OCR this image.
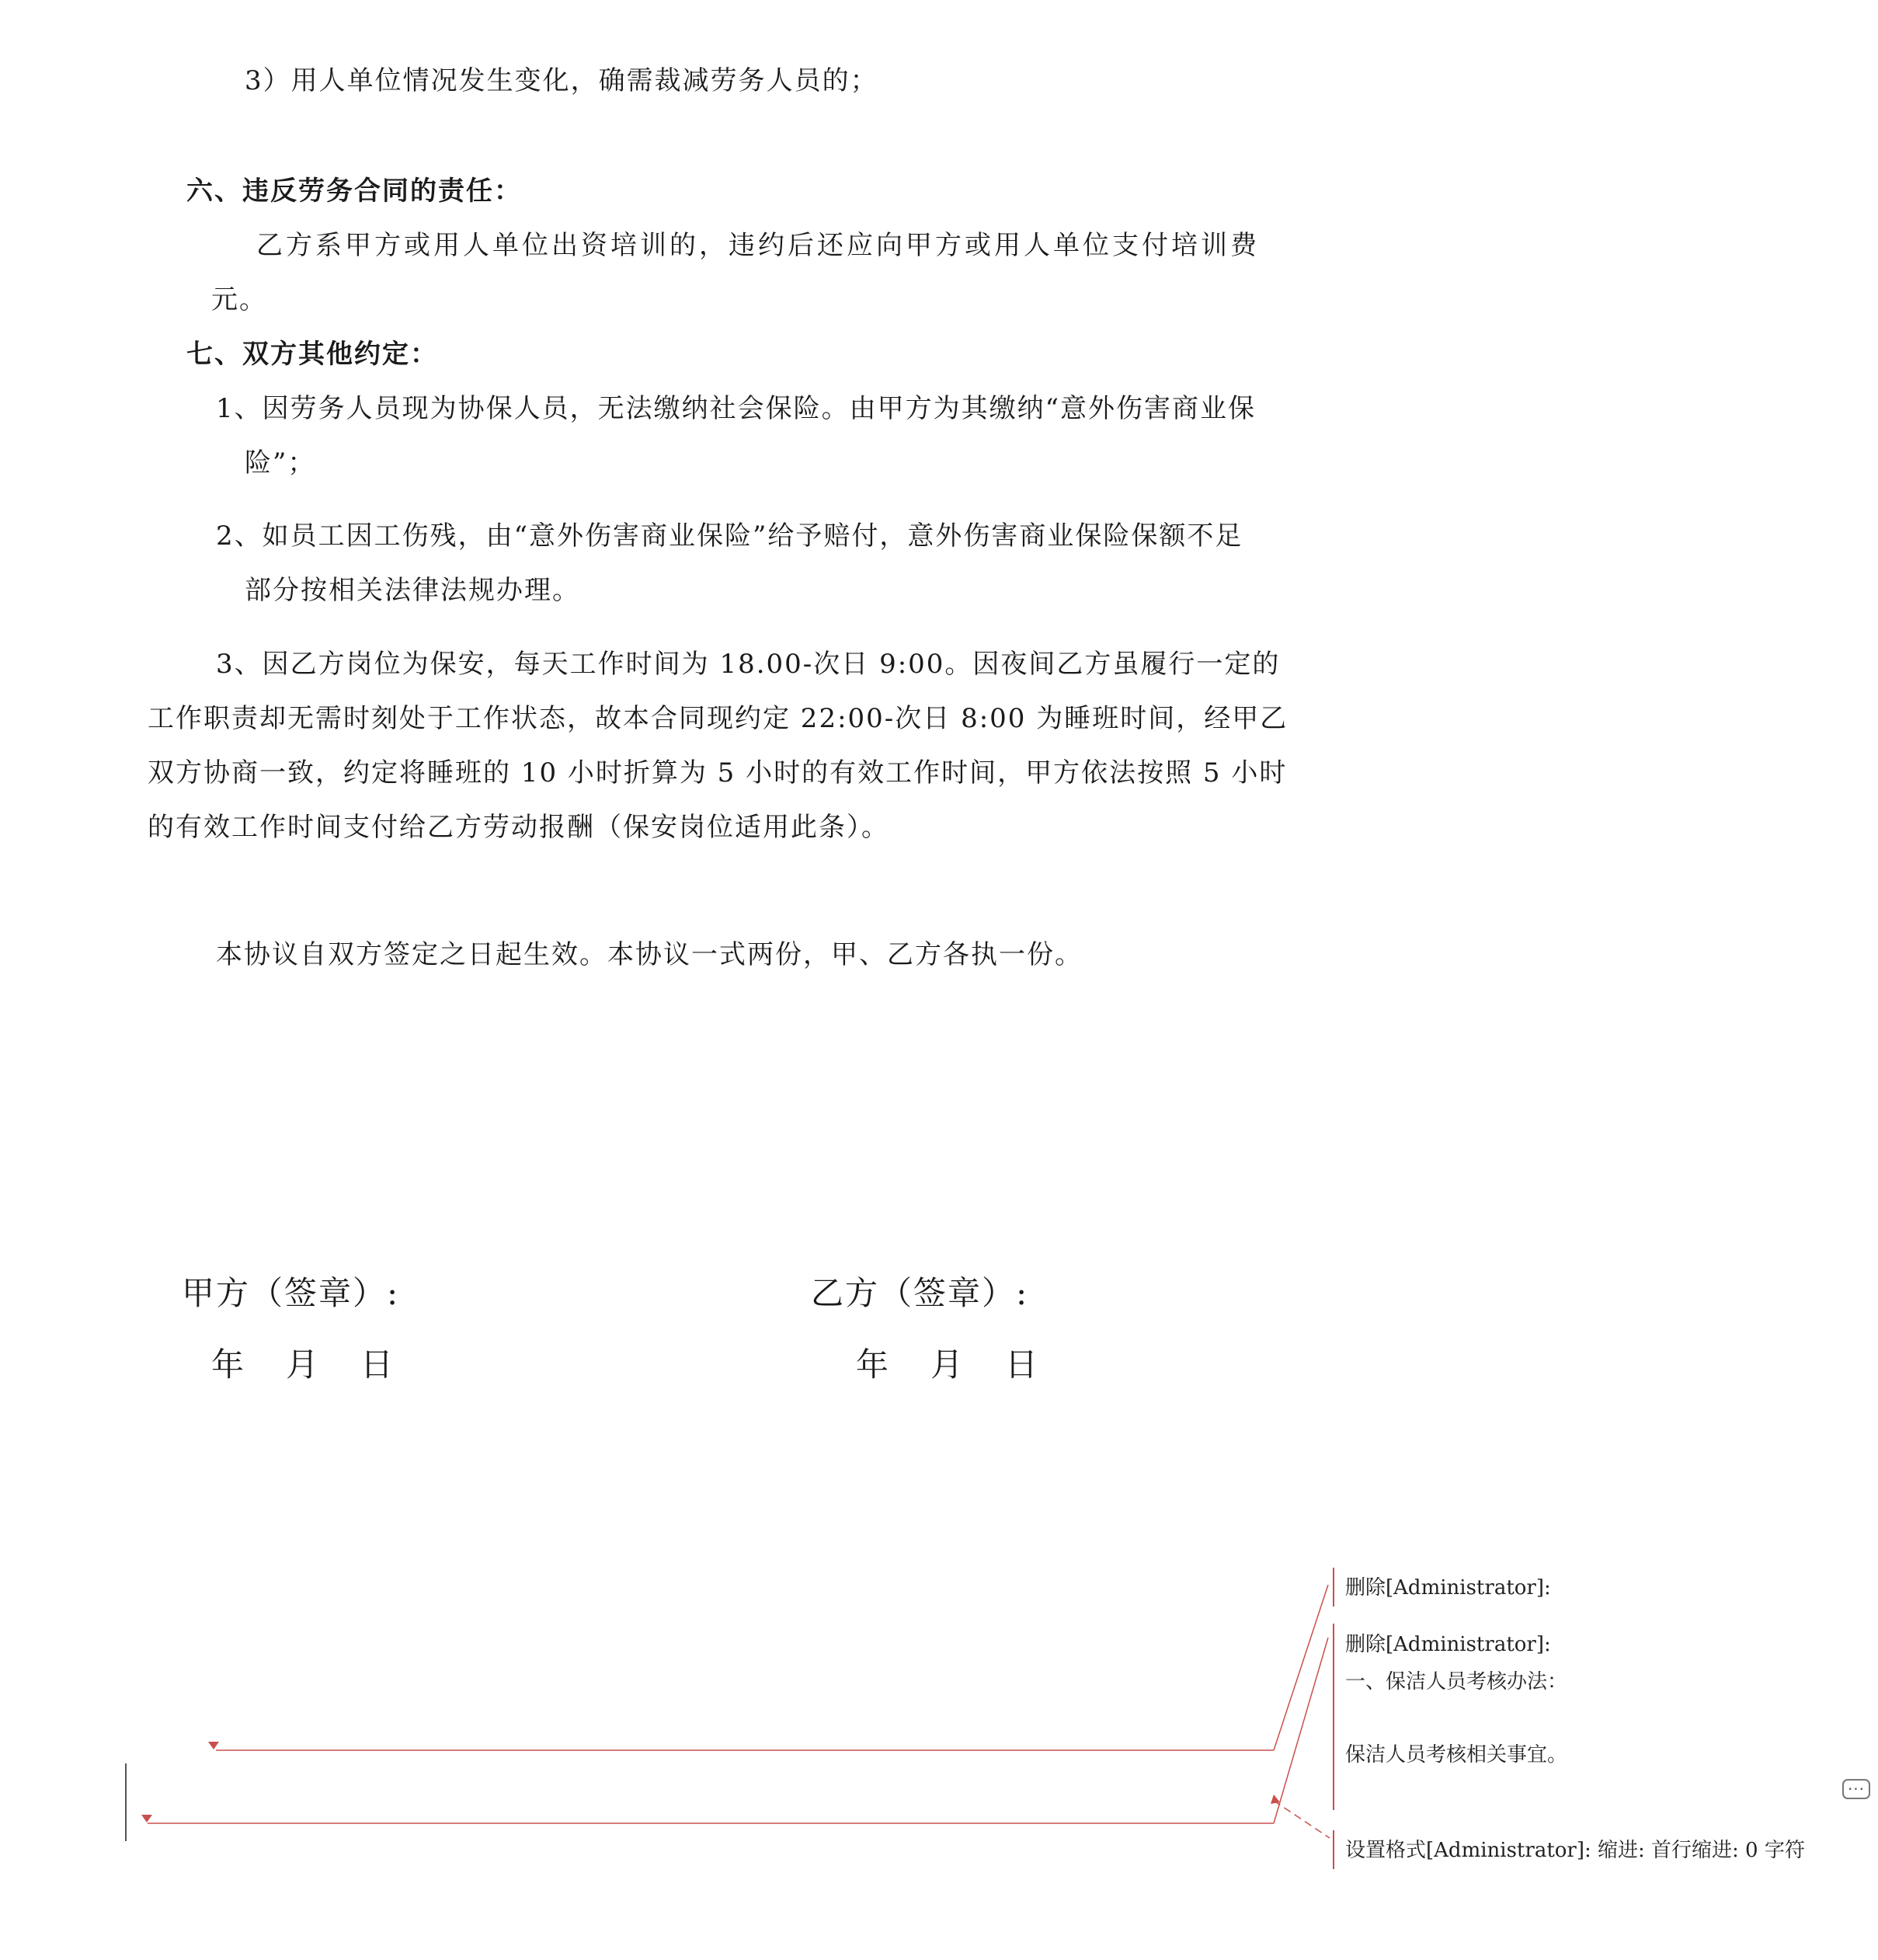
3）用人单位情况发生变化，确需裁减劳务人员的；
六、违反劳务合同的责任：
乙方系甲方或用人单位出资培训的，违约后还应向甲方或用人单位支付培训费
元。
七、双方其他约定：
1、因劳务人员现为协保人员，无法缴纳社会保险。由甲方为其缴纳“意外伤害商业保
险”；
2、如员工因工伤残，由“意外伤害商业保险”给予赔付，意外伤害商业保险保额不足
部分按相关法律法规办理。
3、因乙方岗位为保安，每天工作时间为 18.00-次日 9:00。因夜间乙方虽履行一定的
工作职责却无需时刻处于工作状态，故本合同现约定 22:00-次日 8:00 为睡班时间，经甲乙
双方协商一致，约定将睡班的 10 小时折算为 5 小时的有效工作时间，甲方依法按照 5 小时
的有效工作时间支付给乙方劳动报酬（保安岗位适用此条）。
本协议自双方签定之日起生效。本协议一式两份，甲、乙方各执一份。
甲方（签章）:	乙方（签章）:
年　月　日	年　月　日
删除[Administrator]:
删除[Administrator]:
一、保洁人员考核办法：
保洁人员考核相关事宜。
设置格式[Administrator]: 缩进: 首行缩进: 0 字符
···
